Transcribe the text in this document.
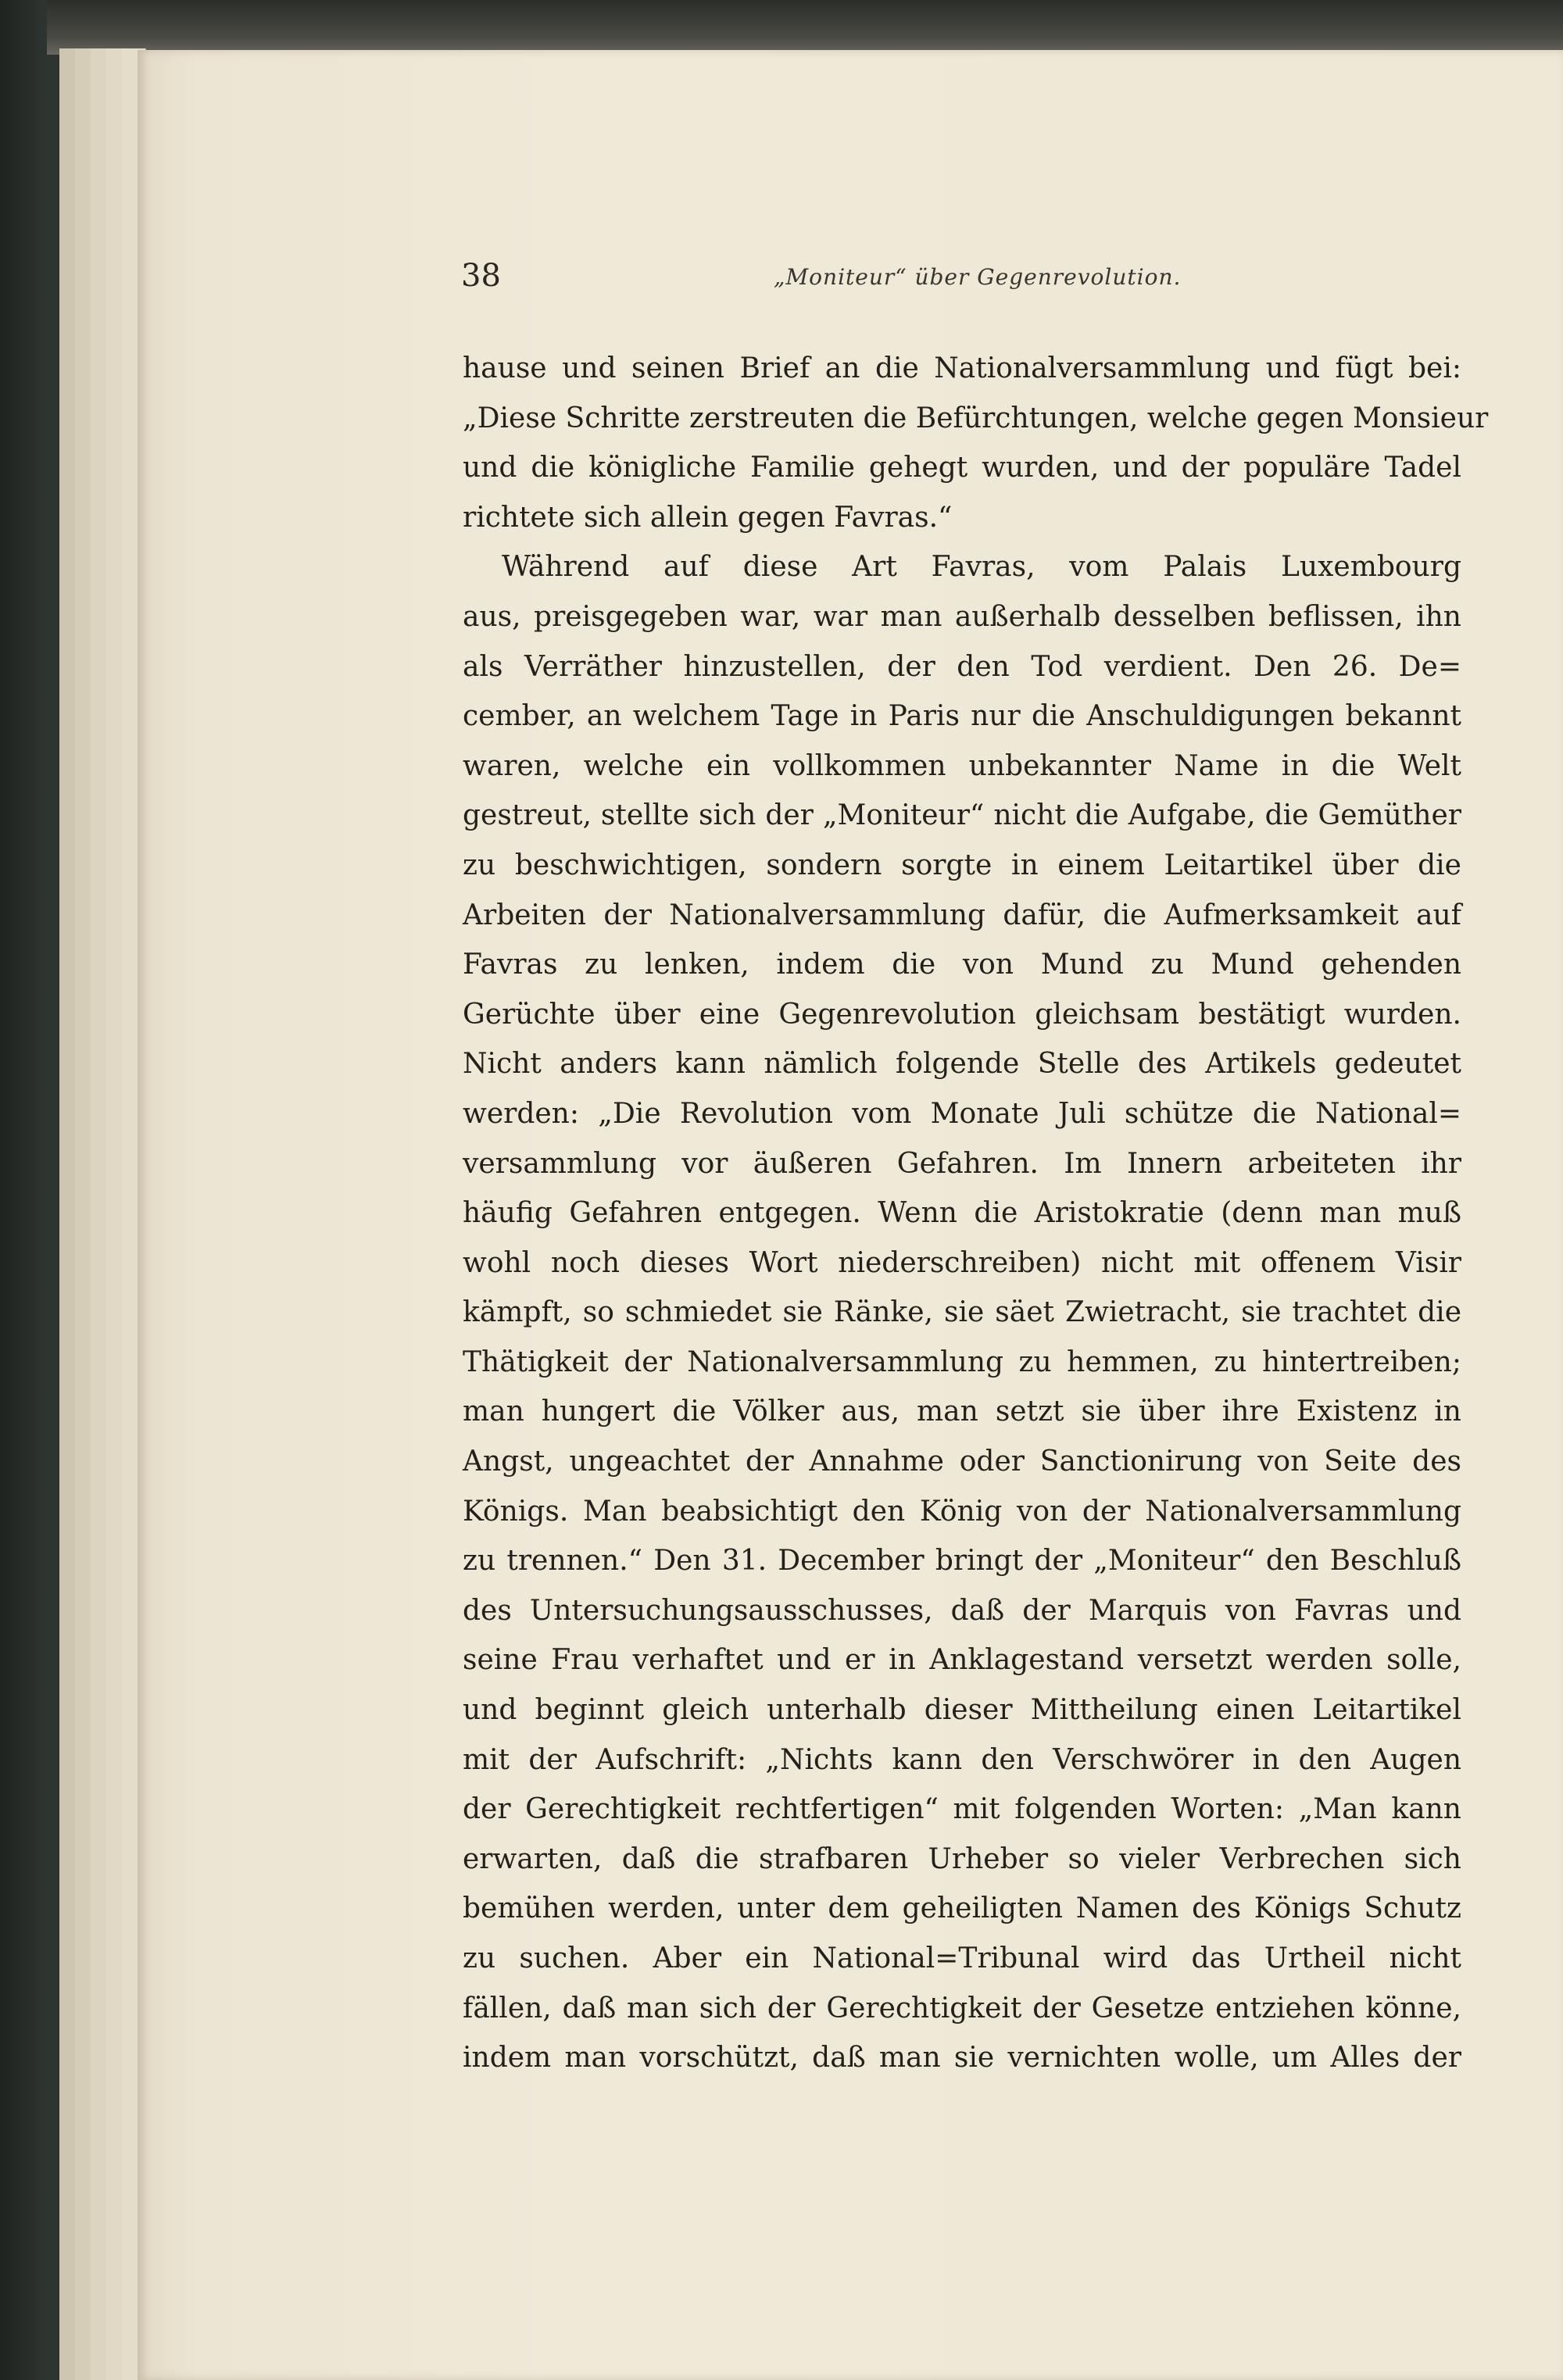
38	„Moniteur“ über Gegenrevolution.
hause und seinen Brief an die Nationalversammlung und fügt bei:
„Diese Schritte zerstreuten die Befürchtungen, welche gegen Monsieur
und die königliche Familie gehegt wurden, und der populäre Tadel
richtete sich allein gegen Favras.“
Während auf diese Art Favras, vom Palais Luxembourg
aus, preisgegeben war, war man außerhalb desselben beflissen, ihn
als Verräther hinzustellen, der den Tod verdient. Den 26. De=
cember, an welchem Tage in Paris nur die Anschuldigungen bekannt
waren, welche ein vollkommen unbekannter Name in die Welt
gestreut, stellte sich der „Moniteur“ nicht die Aufgabe, die Gemüther
zu beschwichtigen, sondern sorgte in einem Leitartikel über die
Arbeiten der Nationalversammlung dafür, die Aufmerksamkeit auf
Favras zu lenken, indem die von Mund zu Mund gehenden
Gerüchte über eine Gegenrevolution gleichsam bestätigt wurden.
Nicht anders kann nämlich folgende Stelle des Artikels gedeutet
werden: „Die Revolution vom Monate Juli schütze die National=
versammlung vor äußeren Gefahren. Im Innern arbeiteten ihr
häufig Gefahren entgegen. Wenn die Aristokratie (denn man muß
wohl noch dieses Wort niederschreiben) nicht mit offenem Visir
kämpft, so schmiedet sie Ränke, sie säet Zwietracht, sie trachtet die
Thätigkeit der Nationalversammlung zu hemmen, zu hintertreiben;
man hungert die Völker aus, man setzt sie über ihre Existenz in
Angst, ungeachtet der Annahme oder Sanctionirung von Seite des
Königs. Man beabsichtigt den König von der Nationalversammlung
zu trennen.“ Den 31. December bringt der „Moniteur“ den Beschluß
des Untersuchungsausschusses, daß der Marquis von Favras und
seine Frau verhaftet und er in Anklagestand versetzt werden solle,
und beginnt gleich unterhalb dieser Mittheilung einen Leitartikel
mit der Aufschrift: „Nichts kann den Verschwörer in den Augen
der Gerechtigkeit rechtfertigen“ mit folgenden Worten: „Man kann
erwarten, daß die strafbaren Urheber so vieler Verbrechen sich
bemühen werden, unter dem geheiligten Namen des Königs Schutz
zu suchen. Aber ein National=Tribunal wird das Urtheil nicht
fällen, daß man sich der Gerechtigkeit der Gesetze entziehen könne,
indem man vorschützt, daß man sie vernichten wolle, um Alles der
